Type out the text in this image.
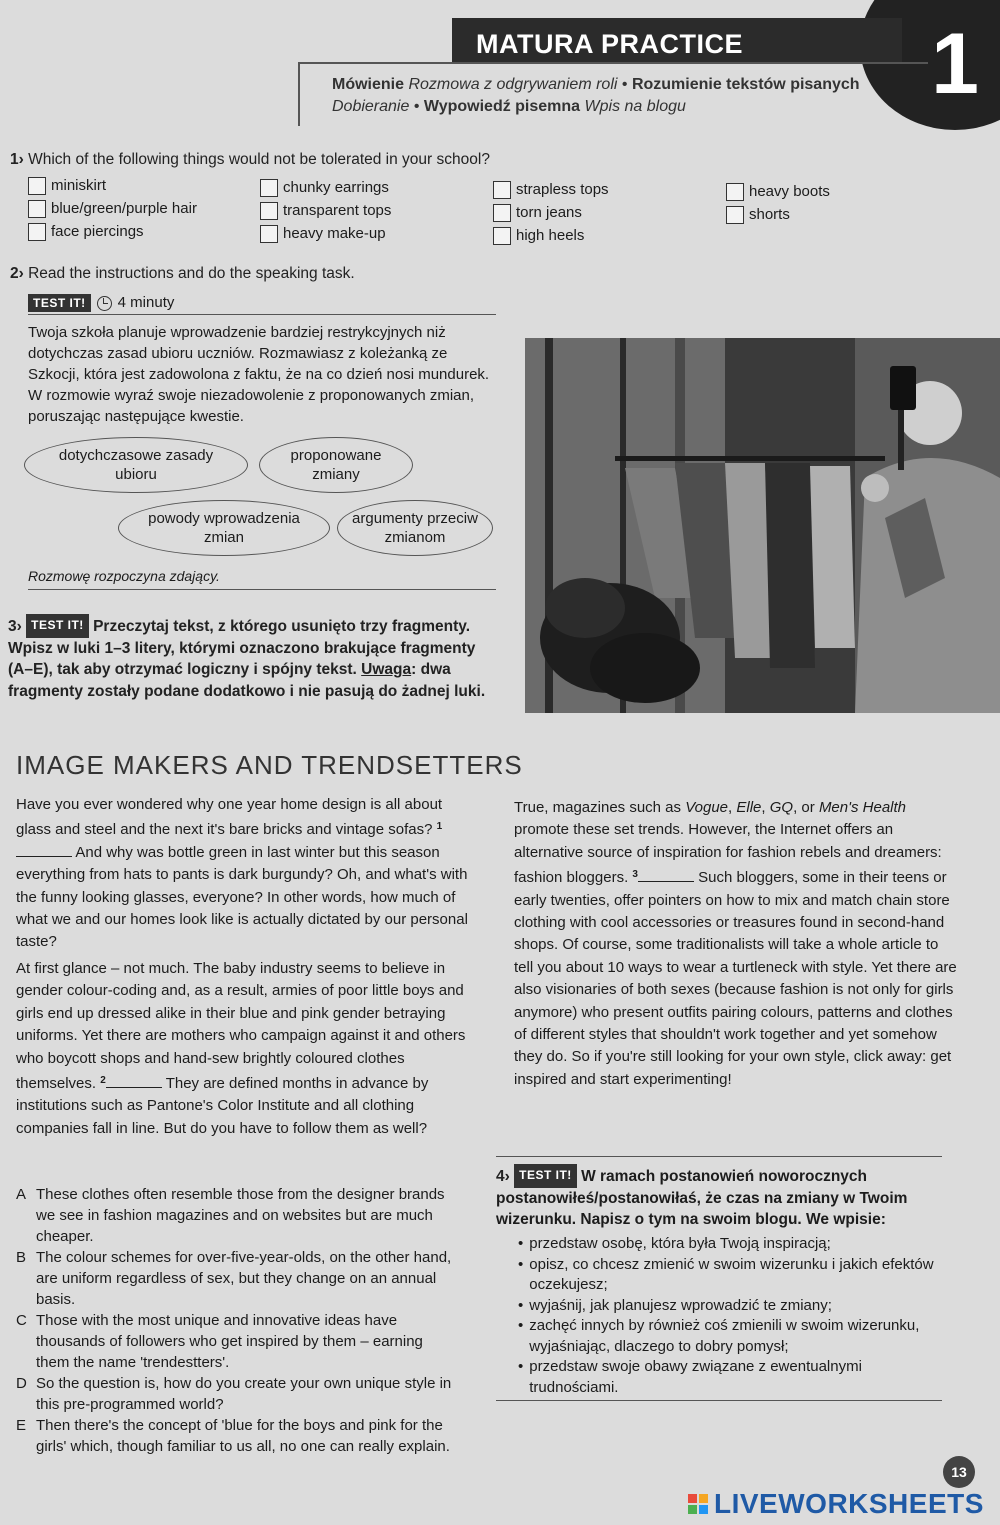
1
MATURA PRACTICE
Mówienie Rozmowa z odgrywaniem roli • Rozumienie tekstów pisanych Dobieranie • Wypowiedź pisemna Wpis na blogu
1› Which of the following things would not be tolerated in your school?
miniskirt
blue/green/purple hair
face piercings
chunky earrings
transparent tops
heavy make-up
strapless tops
torn jeans
high heels
heavy boots
shorts
2› Read the instructions and do the speaking task.
TEST IT!	4 minuty
Twoja szkoła planuje wprowadzenie bardziej restrykcyjnych niż dotychczas zasad ubioru uczniów. Rozmawiasz z koleżanką ze Szkocji, która jest zadowolona z faktu, że na co dzień nosi mundurek. W rozmowie wyraź swoje niezadowolenie z proponowanych zmian, poruszając następujące kwestie.
dotychczasowe zasady ubioru
proponowane zmiany
powody wprowadzenia zmian
argumenty przeciw zmianom
Rozmowę rozpoczyna zdający.
3› TEST IT! Przeczytaj tekst, z którego usunięto trzy fragmenty. Wpisz w luki 1–3 litery, którymi oznaczono brakujące fragmenty (A–E), tak aby otrzymać logiczny i spójny tekst. Uwaga: dwa fragmenty zostały podane dodatkowo i nie pasują do żadnej luki.
IMAGE MAKERS AND TRENDSETTERS
Have you ever wondered why one year home design is all about glass and steel and the next it's bare bricks and vintage sofas? $^1$ And why was bottle green in last winter but this season everything from hats to pants is dark burgundy? Oh, and what's with the funny looking glasses, everyone? In other words, how much of what we and our homes look like is actually dictated by our personal taste?
At first glance – not much. The baby industry seems to believe in gender colour-coding and, as a result, armies of poor little boys and girls end up dressed alike in their blue and pink gender betraying uniforms. Yet there are mothers who campaign against it and others who boycott shops and hand-sew brightly coloured clothes themselves. $^2$	They are defined months in advance by institutions such as Pantone's Color Institute and all clothing companies fall in line. But do you have to follow them as well?
True, magazines such as Vogue, Elle, GQ, or Men's Health promote these set trends. However, the Internet offers an alternative source of inspiration for fashion rebels and dreamers: fashion bloggers. $^3$	Such bloggers, some in their teens or early twenties, offer pointers on how to mix and match chain store clothing with cool accessories or treasures found in second-hand shops. Of course, some traditionalists will take a whole article to tell you about 10 ways to wear a turtleneck with style. Yet there are also visionaries of both sexes (because fashion is not only for girls anymore) who present outfits pairing colours, patterns and clothes of different styles that shouldn't work together and yet somehow they do. So if you're still looking for your own style, click away: get inspired and start experimenting!
A These clothes often resemble those from the designer brands we see in fashion magazines and on websites but are much cheaper.
B The colour schemes for over-five-year-olds, on the other hand, are uniform regardless of sex, but they change on an annual basis.
C Those with the most unique and innovative ideas have thousands of followers who get inspired by them – earning them the name 'trendestters'.
D So the question is, how do you create your own unique style in this pre-programmed world?
E Then there's the concept of 'blue for the boys and pink for the girls' which, though familiar to us all, no one can really explain.
4› TEST IT! W ramach postanowień noworocznych postanowiłeś/postanowiłaś, że czas na zmiany w Twoim wizerunku. Napisz o tym na swoim blogu. We wpisie:
• przedstaw osobę, która była Twoją inspiracją;
• opisz, co chcesz zmienić w swoim wizerunku i jakich efektów oczekujesz;
• wyjaśnij, jak planujesz wprowadzić te zmiany;
• zachęć innych by również coś zmienili w swoim wizerunku, wyjaśniając, dlaczego to dobry pomysł;
• przedstaw swoje obawy związane z ewentualnymi trudnościami.
13
LIVEWORKSHEETS
